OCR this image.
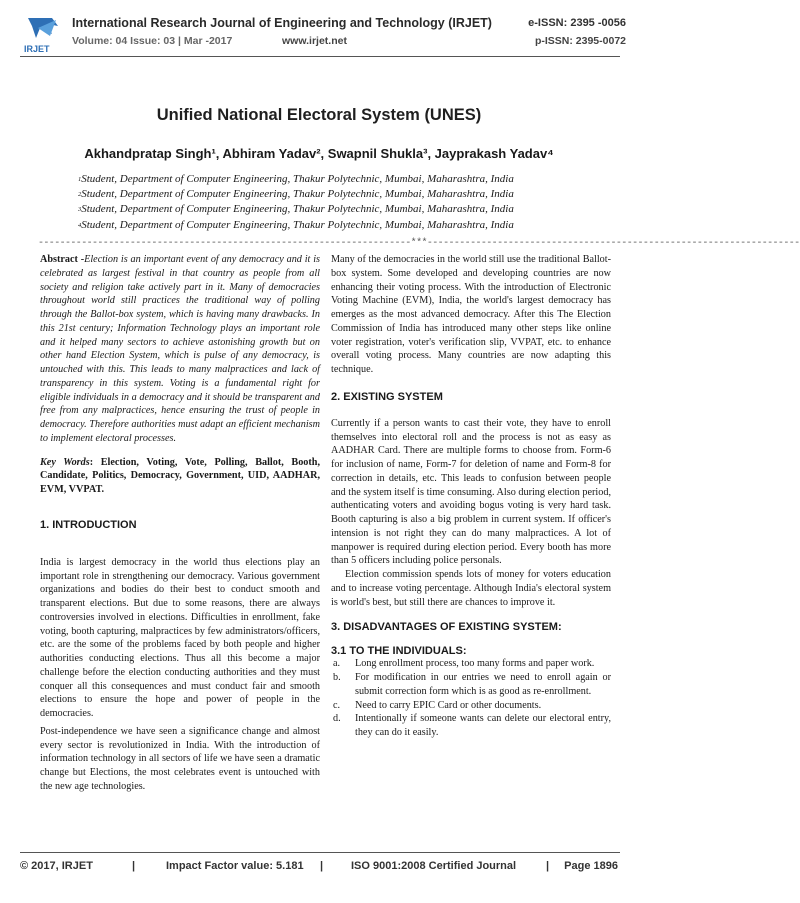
IRJET
International Research Journal of Engineering and Technology (IRJET)	e-ISSN: 2395 -0056
Volume: 04 Issue: 03 | Mar -2017	www.irjet.net	p-ISSN: 2395-0072
Unified National Electoral System (UNES)
Akhandpratap Singh¹, Abhiram Yadav², Swapnil Shukla³, Jayprakash Yadav⁴
$^1$Student, Department of Computer Engineering, Thakur Polytechnic, Mumbai, Maharashtra, India
$^2$Student, Department of Computer Engineering, Thakur Polytechnic, Mumbai, Maharashtra, India
$^3$Student, Department of Computer Engineering, Thakur Polytechnic, Mumbai, Maharashtra, India
$^4$Student, Department of Computer Engineering, Thakur Polytechnic, Mumbai, Maharashtra, India
---------------------------------------------------------------------***---------------------------------------------------------------------

Abstract -Election is an important event of any democracy and it is celebrated as largest festival in that country as people from all society and religion take actively part in it. Many of democracies throughout world still practices the traditional way of polling through the Ballot-box system, which is having many drawbacks. In this 21st century; Information Technology plays an important role and it helped many sectors to achieve astonishing growth but on other hand Election System, which is pulse of any democracy, is untouched with this. This leads to many malpractices and lack of transparency in this system. Voting is a fundamental right for eligible individuals in a democracy and it should be transparent and free from any malpractices, hence ensuring the trust of people in democracy. Therefore authorities must adapt an efficient mechanism to implement electoral processes.

Key Words: Election, Voting, Vote, Polling, Ballot, Booth, Candidate, Politics, Democracy, Government, UID, AADHAR, EVM, VVPAT.

1. INTRODUCTION

India is largest democracy in the world thus elections play an important role in strengthening our democracy. Various government organizations and bodies do their best to conduct smooth and transparent elections. But due to some reasons, there are always controversies involved in elections. Difficulties in enrollment, fake voting, booth capturing, malpractices by few administrators/officers, etc. are the some of the problems faced by both people and higher authorities conducting elections. Thus all this become a major challenge before the election conducting authorities and they must conquer all this consequences and must conduct fair and smooth elections to ensure the hope and power of people in the democracies.

Post-independence we have seen a significance change and almost every sector is revolutionized in India. With the introduction of information technology in all sectors of life we have seen a dramatic change but Elections, the most celebrates event is untouched with the new age technologies.

Many of the democracies in the world still use the traditional Ballot-box system. Some developed and developing countries are now enhancing their voting process. With the introduction of Electronic Voting Machine (EVM), India, the world's largest democracy has emerges as the most advanced democracy. After this The Election Commission of India has introduced many other steps like online voter registration, voter's verification slip, VVPAT, etc. to enhance overall voting process. Many countries are now adapting this technique.

2. EXISTING SYSTEM

Currently if a person wants to cast their vote, they have to enroll themselves into electoral roll and the process is not as easy as AADHAR Card. There are multiple forms to choose from. Form-6 for inclusion of name, Form-7 for deletion of name and Form-8 for correction in details, etc. This leads to confusion between people and the system itself is time consuming. Also during election period, authenticating voters and avoiding bogus voting is very hard task. Booth capturing is also a big problem in current system. If officer's intension is not right they can do many malpractices. A lot of manpower is required during election period. Every booth has more than 5 officers including police personals.

Election commission spends lots of money for voters education and to increase voting percentage. Although India's electoral system is world's best, but still there are chances to improve it.

3. DISADVANTAGES OF EXISTING SYSTEM:

3.1 TO THE INDIVIDUALS:

a. Long enrollment process, too many forms and paper work.
b. For modification in our entries we need to enroll again or submit correction form which is as good as re-enrollment.
c. Need to carry EPIC Card or other documents.
d. Intentionally if someone wants can delete our electoral entry, they can do it easily.
© 2017, IRJET	|	Impact Factor value: 5.181 |	ISO 9001:2008 Certified Journal	| Page 1896
